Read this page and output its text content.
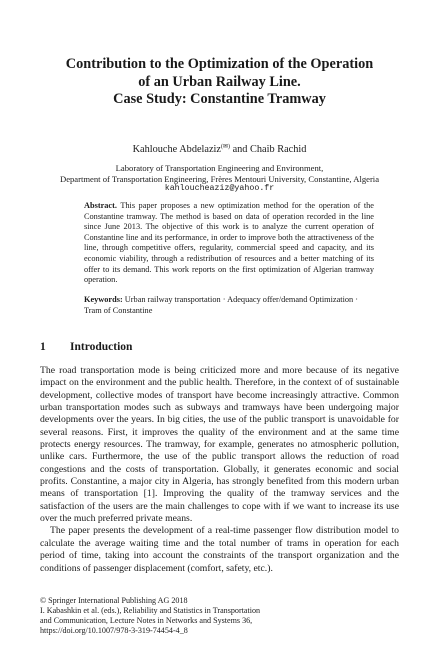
Contribution to the Optimization of the Operation
of an Urban Railway Line.
Case Study: Constantine Tramway
Kahlouche Abdelaziz(✉) and Chaib Rachid
Laboratory of Transportation Engineering and Environment,
Department of Transportation Engineering, Frères Mentouri University, Constantine, Algeria
kahloucheaziz@yahoo.fr
Abstract. This paper proposes a new optimization method for the operation of the Constantine tramway. The method is based on data of operation recorded in the line since June 2013. The objective of this work is to analyze the current operation of Constantine line and its performance, in order to improve both the attractiveness of the line, through competitive offers, regularity, commercial speed and capacity, and its economic viability, through a redistribution of resources and a better matching of its offer to its demand. This work reports on the first optimization of Algerian tramway operation.
Keywords: Urban railway transportation · Adequacy offer/demand Optimization · Tram of Constantine
1 Introduction

The road transportation mode is being criticized more and more because of its negative impact on the environment and the public health. Therefore, in the context of of sustainable development, collective modes of transport have become increasingly attractive. Common urban transportation modes such as subways and tramways have been undergoing major developments over the years. In big cities, the use of the public transport is unavoidable for several reasons. First, it improves the quality of the environment and at the same time protects energy resources. The tramway, for example, generates no atmospheric pollution, unlike cars. Furthermore, the use of the public transport allows the reduction of road congestions and the costs of transportation. Globally, it generates economic and social profits. Constantine, a major city in Algeria, has strongly benefited from this modern urban means of transportation [1]. Improving the quality of the tramway services and the satisfaction of the users are the main challenges to cope with if we want to increase its use over the much preferred private means.

The paper presents the development of a real-time passenger flow distribution model to calculate the average waiting time and the total number of trams in operation for each period of time, taking into account the constraints of the transport organization and the conditions of passenger displacement (comfort, safety, etc.).

© Springer International Publishing AG 2018
I. Kabashkin et al. (eds.), Reliability and Statistics in Transportation
and Communication, Lecture Notes in Networks and Systems 36,
https://doi.org/10.1007/978-3-319-74454-4_8
